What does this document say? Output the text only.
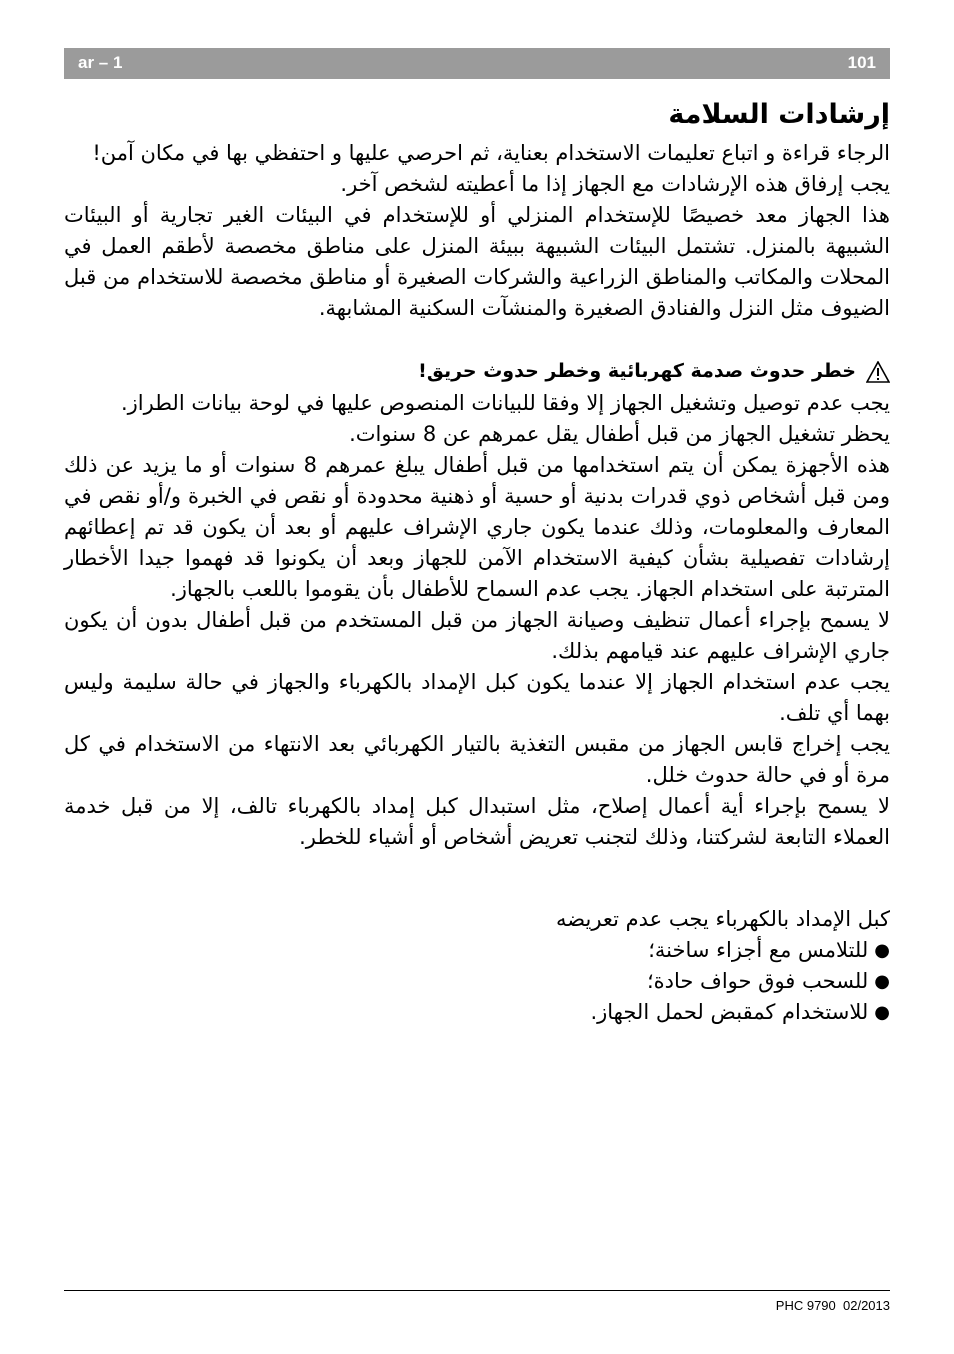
ar – 1	101

إرشادات السلامة

الرجاء قراءة و اتباع تعليمات الاستخدام بعناية، ثم احرصي عليها و احتفظي بها في مكان آمن!

يجب إرفاق هذه الإرشادات مع الجهاز إذا ما أعطيته لشخص آخر.

هذا الجهاز معد خصيصًا للإستخدام المنزلي أو للإستخدام في البيئات الغير تجارية أو البيئات الشبيهة بالمنزل. تشتمل البيئات الشبيهة ببيئة المنزل على مناطق مخصصة لأطقم العمل في المحلات والمكاتب والمناطق الزراعية والشركات الصغيرة أو مناطق مخصصة للاستخدام من قبل الضيوف مثل النزل والفنادق الصغيرة والمنشآت السكنية المشابهة.

خطر حدوث صدمة كهربائية وخطر حدوث حريق!

يجب عدم توصيل وتشغيل الجهاز إلا وفقا للبيانات المنصوص عليها في لوحة بيانات الطراز.

يحظر تشغيل الجهاز من قبل أطفال يقل عمرهم عن 8 سنوات.

هذه الأجهزة يمكن أن يتم استخدامها من قبل أطفال يبلغ عمرهم 8 سنوات أو ما يزيد عن ذلك ومن قبل أشخاص ذوي قدرات بدنية أو حسية أو ذهنية محدودة أو نقص في الخبرة و/أو نقص في المعارف والمعلومات، وذلك عندما يكون جاري الإشراف عليهم أو بعد أن يكون قد تم إعطائهم إرشادات تفصيلية بشأن كيفية الاستخدام الآمن للجهاز وبعد أن يكونوا قد فهموا جيدا الأخطار المترتبة على استخدام الجهاز. يجب عدم السماح للأطفال بأن يقوموا باللعب بالجهاز.

لا يسمح بإجراء أعمال تنظيف وصيانة الجهاز من قبل المستخدم من قبل أطفال بدون أن يكون جاري الإشراف عليهم عند قيامهم بذلك.

يجب عدم استخدام الجهاز إلا عندما يكون كبل الإمداد بالكهرباء والجهاز في حالة سليمة وليس بهما أي تلف.

يجب إخراج قابس الجهاز من مقبس التغذية بالتيار الكهربائي بعد الانتهاء من الاستخدام في كل مرة أو في حالة حدوث خلل.

لا يسمح بإجراء أية أعمال إصلاح، مثل استبدال كبل إمداد بالكهرباء تالف، إلا من قبل خدمة العملاء التابعة لشركتنا، وذلك لتجنب تعريض أشخاص أو أشياء للخطر.

كبل الإمداد بالكهرباء يجب عدم تعريضه

●
للتلامس مع أجزاء ساخنة؛
●
للسحب فوق حواف حادة؛
●
للاستخدام كمقبض لحمل الجهاز.
PHC 9790 02/2013
